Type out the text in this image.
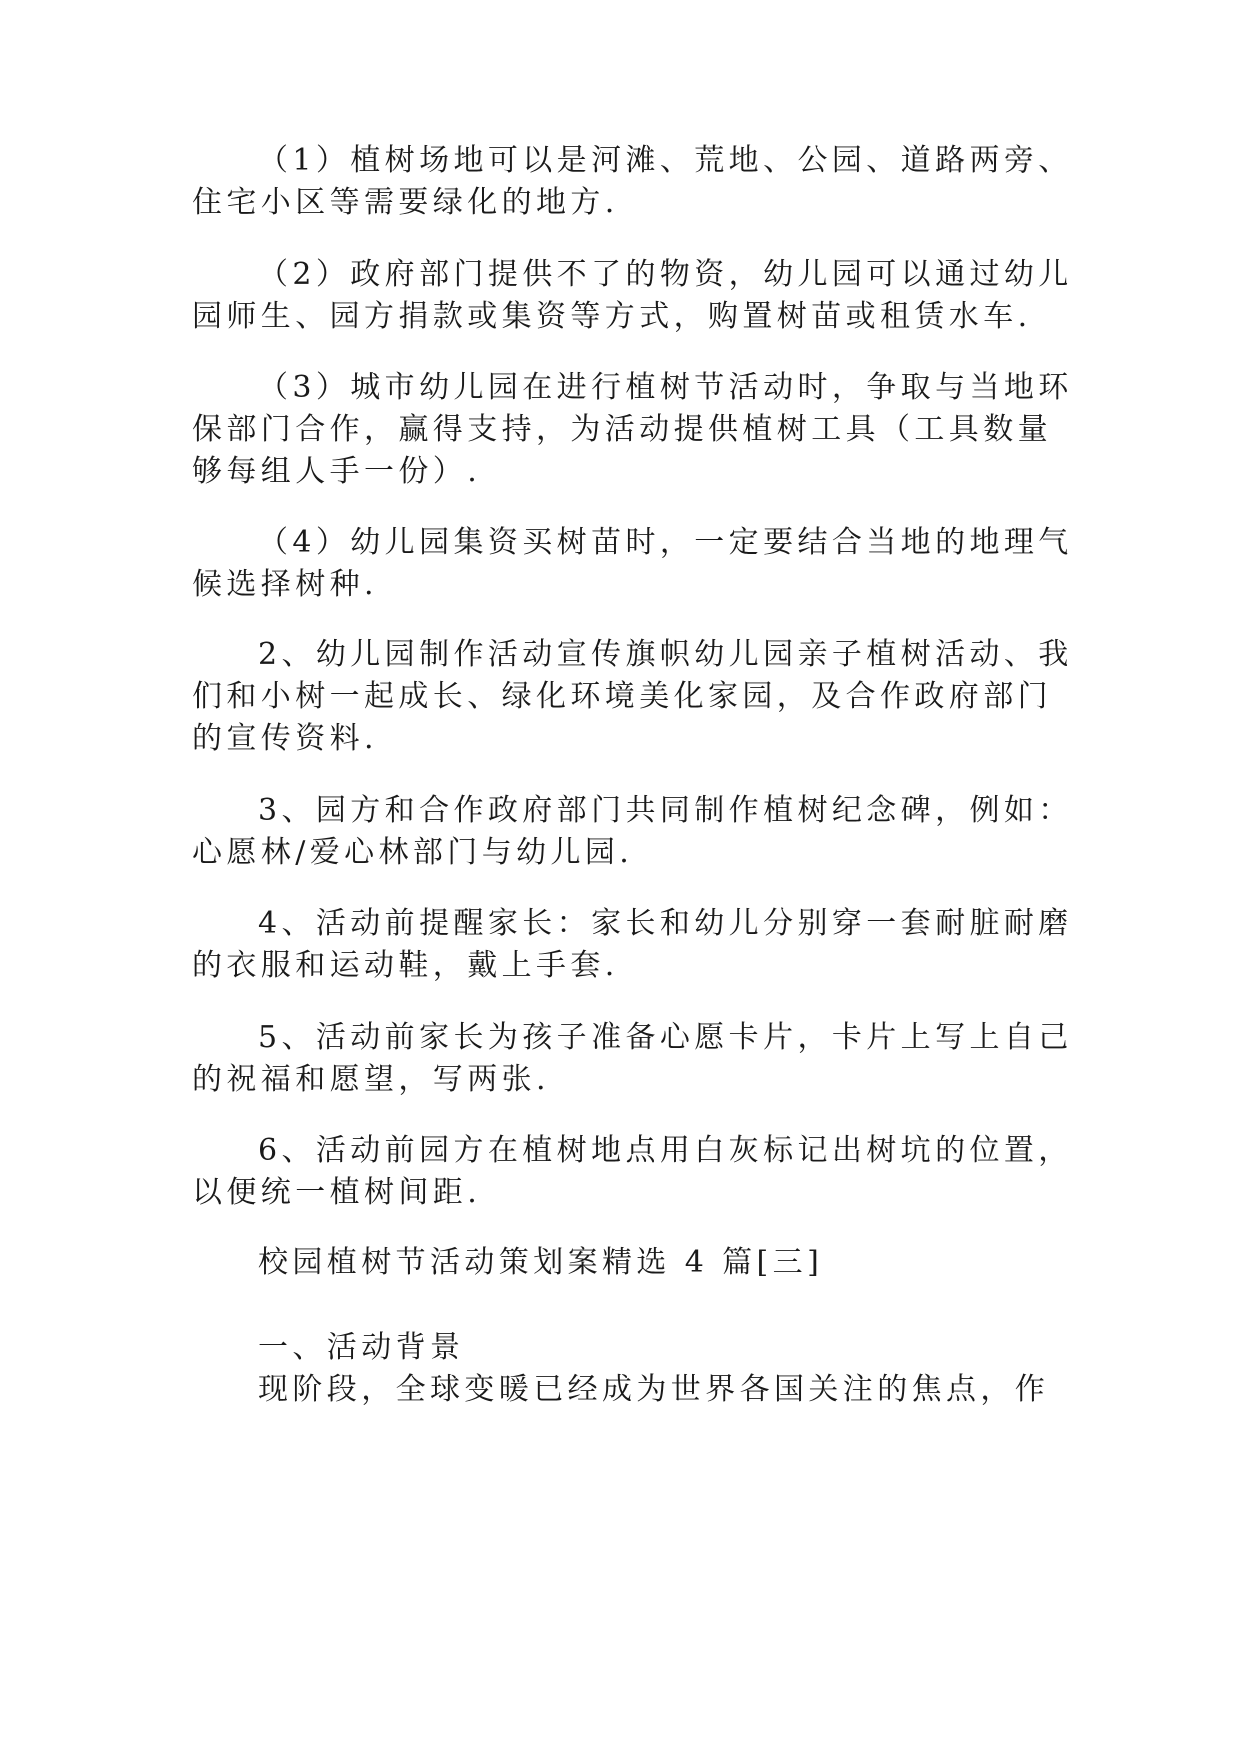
（1）植树场地可以是河滩、荒地、公园、道路两旁、
住宅小区等需要绿化的地方.

（2）政府部门提供不了的物资，幼儿园可以通过幼儿
园师生、园方捐款或集资等方式，购置树苗或租赁水车.

（3）城市幼儿园在进行植树节活动时，争取与当地环
保部门合作，赢得支持，为活动提供植树工具（工具数量
够每组人手一份）.

（4）幼儿园集资买树苗时，一定要结合当地的地理气
候选择树种.

2、幼儿园制作活动宣传旗帜幼儿园亲子植树活动、我
们和小树一起成长、绿化环境美化家园，及合作政府部门
的宣传资料.

3、园方和合作政府部门共同制作植树纪念碑，例如：
心愿林/爱心林部门与幼儿园.

4、活动前提醒家长：家长和幼儿分别穿一套耐脏耐磨
的衣服和运动鞋，戴上手套.

5、活动前家长为孩子准备心愿卡片，卡片上写上自己
的祝福和愿望，写两张.

6、活动前园方在植树地点用白灰标记出树坑的位置，
以便统一植树间距.

校园植树节活动策划案精选 4 篇[三]

一、活动背景
现阶段，全球变暖已经成为世界各国关注的焦点，作
